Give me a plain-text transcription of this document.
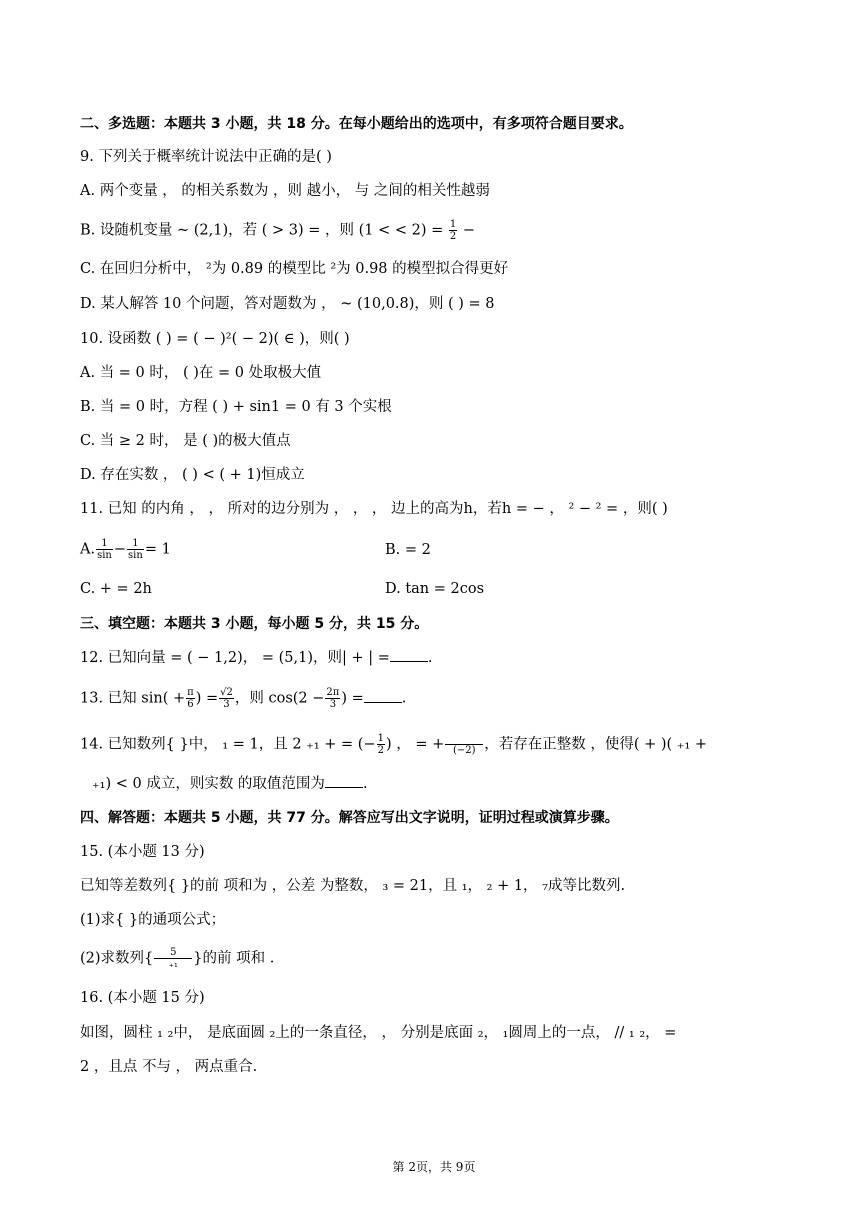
二、多选题：本题共 3 小题，共 18 分。在每小题给出的选项中，有多项符合题目要求。
9. 下列关于概率统计说法中正确的是( )
A. 两个变量 ， 的相关系数为 ，则 越小， 与 之间的相关性越弱
B. 设随机变量 ~ (2,1)，若 ( > 3) = ，则 (1 < < $2) = \frac{1}{2}$ −
C. 在回归分析中， ²为 0.89 的模型比 ²为 0.98 的模型拟合得更好
D. 某人解答 10 个问题，答对题数为 ， ~ (10,0.8)，则 ( ) = 8
10. 设函数 ( ) = ( − )²( − 2)( ∈ )，则( )
A. 当 = 0 时， ( )在 = 0 处取极大值
B. 当 = 0 时，方程 ( ) + sin1 = 0 有 3 个实根
C. 当 ≥ 2 时， 是 ( )的极大值点
D. 存在实数 ， ( ) < ( + 1)恒成立
11. 已知 的内角 ， ， 所对的边分别为 ， ， ， 边上的高为h，若h = − ， ² − ² = ，则( )
A. $\frac{1}{\sin} - \frac{1}{\sin} = 1$	B. = 2
C. + = 2h	D. tan = 2cos
三、填空题：本题共 3 小题，每小题 5 分，共 15 分。
12. 已知向量 = ( − 1,2)， = (5,1)，则| + | =	.
13. 已知 $\sin( + \frac{\pi}{6}$ ) = $\frac{√2}{3}$ ，则 $\cos(2 - \frac{2\pi}{3}$ ) =	.
14. 已知数列{ }中， ₁ = 1，且 2 ₊₁ + = (− $\frac{1}{2}$ ) ， = + (−2) ，若存在正整数 ，使得( + )( ₊₁ +
₊₁) < 0 成立，则实数 的取值范围为	.
四、解答题：本题共 5 小题，共 77 分。解答应写出文字说明，证明过程或演算步骤。
15. (本小题 13 分)
已知等差数列{ }的前 项和为 ，公差 为整数， ₃ = 21，且 ₁， ₂ + 1， ₇成等比数列.
(1)求{ }的通项公式；
(2)求数列{ $\frac{5}{\text{₊₁}}$ }的前 项和 .
16. (本小题 15 分)
如图，圆柱 ₁ ₂中， 是底面圆 ₂上的一条直径， ， 分别是底面 ₂， ₁圆周上的一点， // ₁ ₂， =
2 ，且点 不与 ， 两点重合.
第 2页，共 9页
